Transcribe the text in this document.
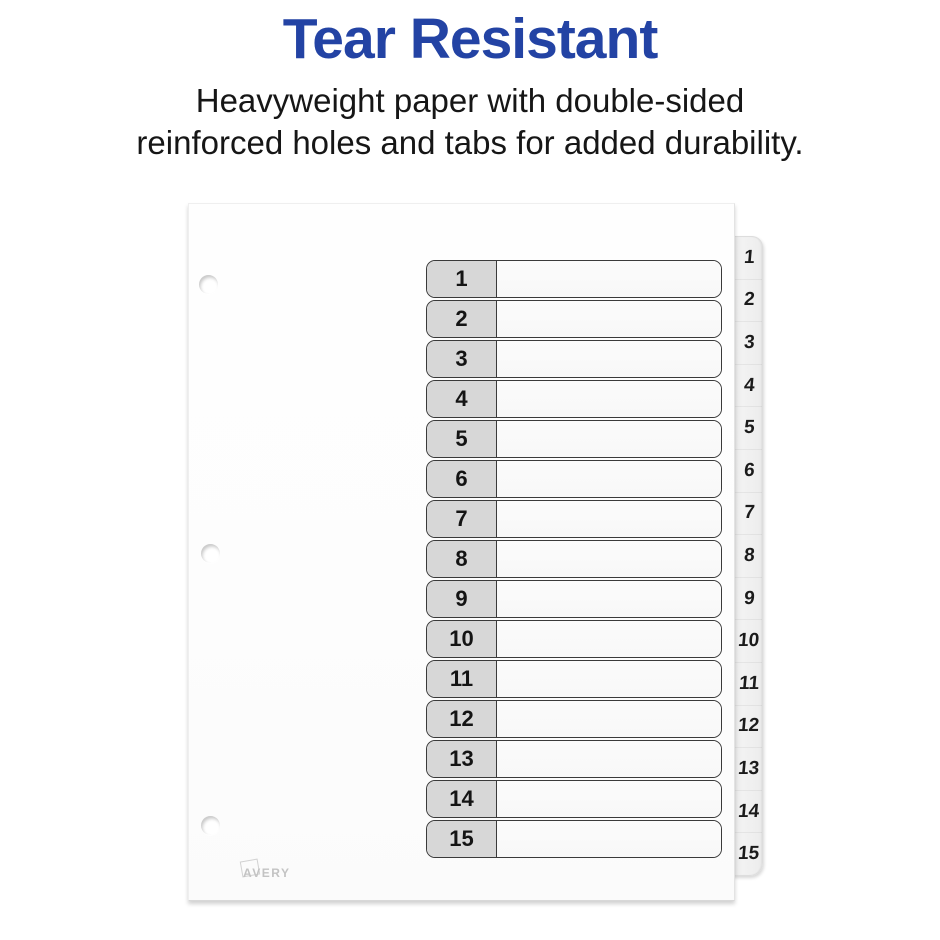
Tear Resistant

Heavyweight paper with double-sided

reinforced holes and tabs for added durability.

1
2
3
4
5
6
7
8
9
10
11
12
13
14
15
1
2
3
4
5
6
7
8
9
10
11
12
13
14
15
AVERY
